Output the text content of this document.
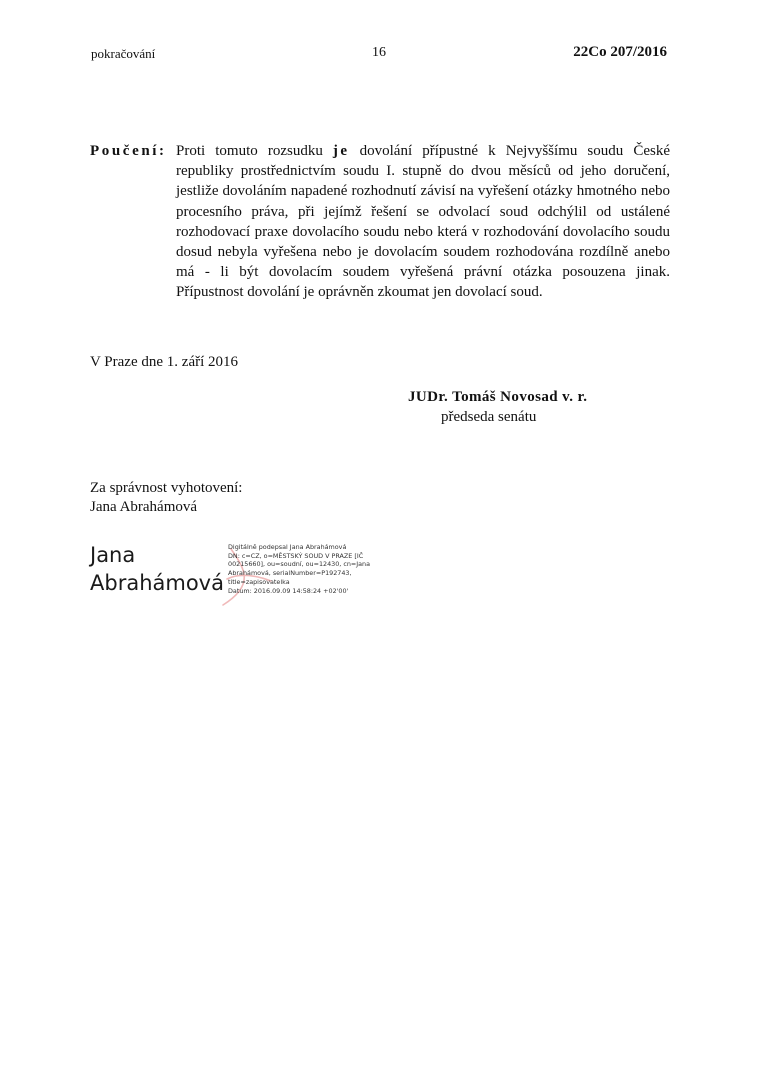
pokračování	16	22Co 207/2016
Poučení: Proti tomuto rozsudku je dovolání přípustné k Nejvyššímu soudu České republiky prostřednictvím soudu I. stupně do dvou měsíců od jeho doručení, jestliže dovoláním napadené rozhodnutí závisí na vyřešení otázky hmotného nebo procesního práva, při jejímž řešení se odvolací soud odchýlil od ustálené rozhodovací praxe dovolacího soudu nebo která v rozhodování dovolacího soudu dosud nebyla vyřešena nebo je dovolacím soudem rozhodována rozdílně anebo má - li být dovolacím soudem vyřešená právní otázka posouzena jinak. Přípustnost dovolání je oprávněn zkoumat jen dovolací soud.
V Praze dne 1. září 2016
JUDr. Tomáš Novosad v. r.
předseda senátu
Za správnost vyhotovení:
Jana Abrahámová
Jana
Abrahámová
Digitálně podepsal Jana Abrahámová
DN: c=CZ, o=MĚSTSKÝ SOUD V PRAZE [IČ
00215660], ou=soudní, ou=12430, cn=Jana
Abrahámová, serialNumber=P192743,
title=zapisovatelka
Datum: 2016.09.09 14:58:24 +02'00'
